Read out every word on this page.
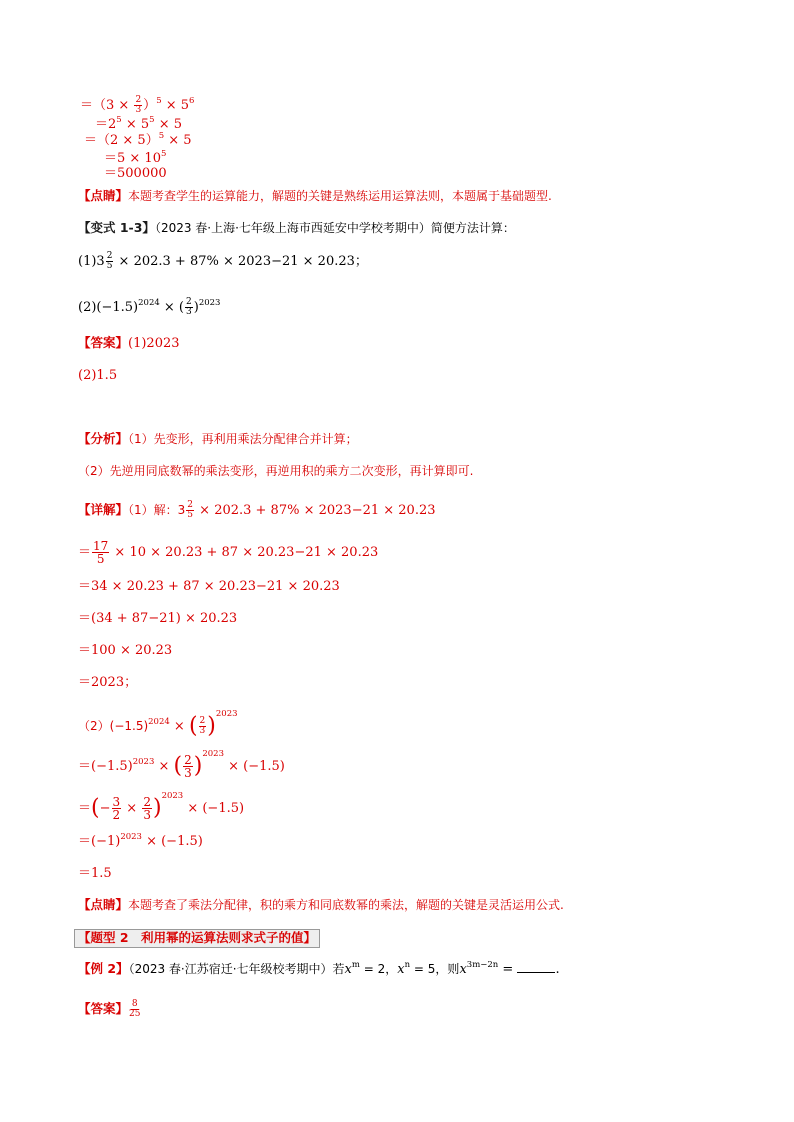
$=(3 \times \frac{2}{3} )^5 \times 5^6$
$=2^5 \times 5^5 \times 5$
$=(2 \times 5)^5 \times 5$
$=5 \times 10^5$
＝500000
【点睛】本题考查学生的运算能力，解题的关键是熟练运用运算法则，本题属于基础题型.
【变式 1-3】（2023 春·上海·七年级上海市西延安中学校考期中）简便方法计算：
$(1)3 \frac{2}{5} \times 202.3 + 87\% \times 2023-21 \times 20.23$；
$(2)(-1.5)^{2024}$ × ( $\frac{2}{3} )^{2023}$
【答案】(1)2023
(2)1.5
【分析】（1）先变形，再利用乘法分配律合并计算；
（2）先逆用同底数幂的乘法变形，再逆用积的乘方二次变形，再计算即可.
【详解】（1）解：$3 \frac{2}{5} \times 202.3 + 87\% \times 2023-21 \times 20.23$
＝ $\frac{17}{5} \times 10 \times 20.23 + 87 \times 20.23-21 \times 20.23$
＝34 × 20.23 + 87 × 20.23−21 × 20.23
＝(34 + 87−21) × 20.23
＝100 × 20.23
＝2023；
$(2)(-1.5)^{2024}$ × ( $\frac{2}{3} )^{2023}$
$=(-1.5)^{2023}$ × ( $\frac{2}{3} )^{2023} \times (-1.5)$
＝(− $\frac{3}{2} \times \frac{2}{3} )^{2023} \times (-1.5)$
$=(-1)^{2023} \times (-1.5)$
＝1.5
【点睛】本题考查了乘法分配律，积的乘方和同底数幂的乘法，解题的关键是灵活运用公式.
【题型 2　利用幂的运算法则求式子的值】
【例 2】（2023 春·江苏宿迁·七年级校考期中）若$x^m = 2$，$x^n = 5$，则$x^{3m-2n}$ =	.
【答案】 $\frac{8}{25}$
